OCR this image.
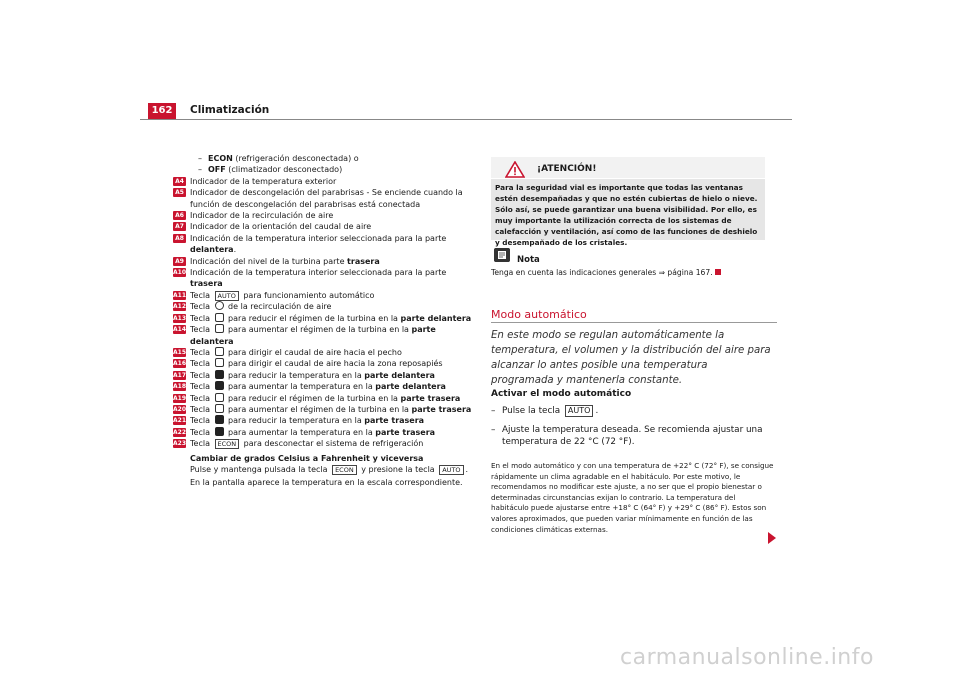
162	Climatización
– ECON (refrigeración desconectada) o
– OFF (climatizador desconectado)
A4 Indicador de la temperatura exterior
A5 Indicador de descongelación del parabrisas - Se enciende cuando la función de descongelación del parabrisas está conectada
A6 Indicador de la recirculación de aire
A7 Indicador de la orientación del caudal de aire
A8 Indicación de la temperatura interior seleccionada para la parte delantera.
A9 Indicación del nivel de la turbina parte trasera
A10 Indicación de la temperatura interior seleccionada para la parte trasera
A11 Tecla AUTO para funcionamiento automático
A12 Tecla  de la recirculación de aire
A13 Tecla  para reducir el régimen de la turbina en la parte delantera
A14 Tecla  para aumentar el régimen de la turbina en la parte delantera
A15 Tecla  para dirigir el caudal de aire hacia el pecho
A16 Tecla  para dirigir el caudal de aire hacia la zona reposapiés
A17 Tecla  para reducir la temperatura en la parte delantera
A18 Tecla  para aumentar la temperatura en la parte delantera
A19 Tecla  para reducir el régimen de la turbina en la parte trasera
A20 Tecla  para aumentar el régimen de la turbina en la parte trasera
A21 Tecla  para reducir la temperatura en la parte trasera
A22 Tecla  para aumentar la temperatura en la parte trasera
A23 Tecla ECON para desconectar el sistema de refrigeración
Cambiar de grados Celsius a Fahrenheit y viceversa
Pulse y mantenga pulsada la tecla ECON y presione la tecla AUTO .
En la pantalla aparece la temperatura en la escala correspondiente.
¡ATENCIÓN!
Para la seguridad vial es importante que todas las ventanas estén desempañadas y que no estén cubiertas de hielo o nieve. Sólo así, se puede garantizar una buena visibilidad. Por ello, es muy importante la utilización correcta de los sistemas de calefacción y ventilación, así como de las funciones de deshielo y desempañado de los cristales.
Nota
Tenga en cuenta las indicaciones generales ⇒ página 167.
Modo automático
En este modo se regulan automáticamente la temperatura, el volumen y la distribución del aire para alcanzar lo antes posible una temperatura programada y mantenerla constante.
Activar el modo automático
– Pulse la tecla AUTO .
– Ajuste la temperatura deseada. Se recomienda ajustar una temperatura de 22 °C (72 °F).
En el modo automático y con una temperatura de +22° C (72° F), se consigue rápidamente un clima agradable en el habitáculo. Por este motivo, le recomendamos no modificar este ajuste, a no ser que el propio bienestar o determinadas circunstancias exijan lo contrario. La temperatura del habitáculo puede ajustarse entre +18° C (64° F) y +29° C (86° F). Estos son valores aproximados, que pueden variar mínimamente en función de las condiciones climáticas externas.
carmanualsonline.info
